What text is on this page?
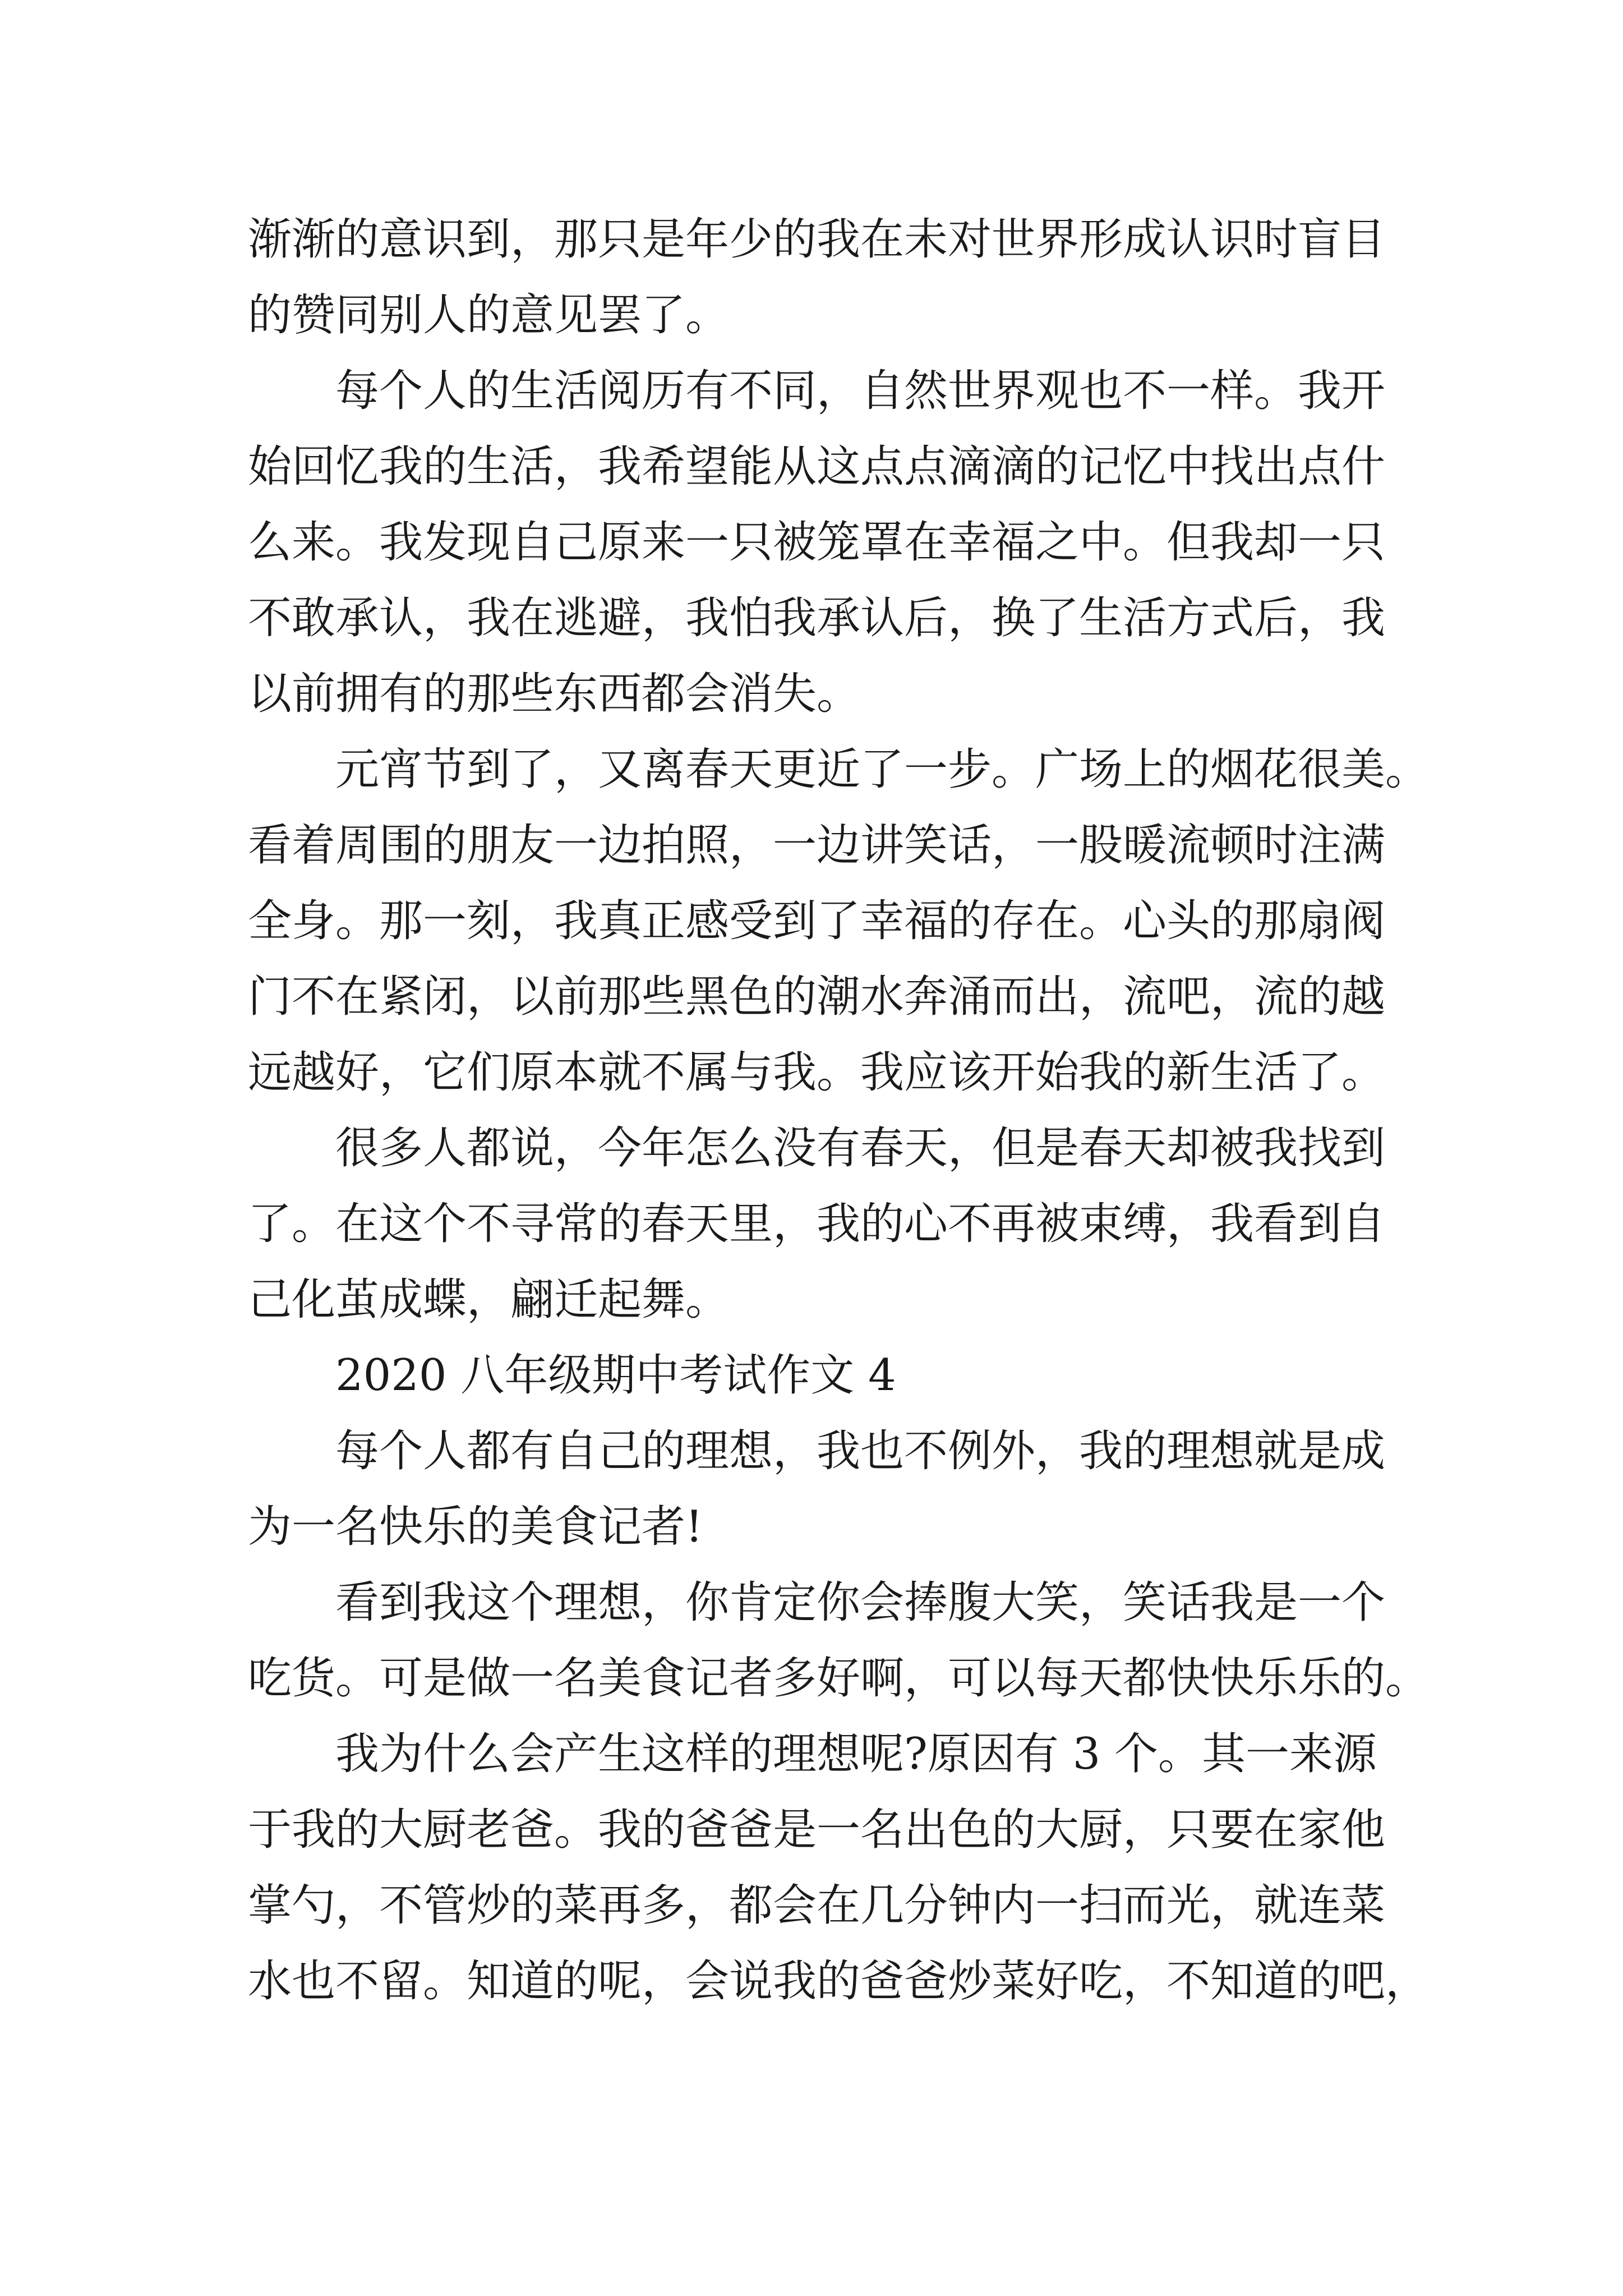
渐渐的意识到，那只是年少的我在未对世界形成认识时盲目
的赞同别人的意见罢了。
每个人的生活阅历有不同，自然世界观也不一样。我开
始回忆我的生活，我希望能从这点点滴滴的记忆中找出点什
么来。我发现自己原来一只被笼罩在幸福之中。但我却一只
不敢承认，我在逃避，我怕我承认后，换了生活方式后，我
以前拥有的那些东西都会消失。
元宵节到了，又离春天更近了一步。广场上的烟花很美。
看着周围的朋友一边拍照，一边讲笑话，一股暖流顿时注满
全身。那一刻，我真正感受到了幸福的存在。心头的那扇阀
门不在紧闭，以前那些黑色的潮水奔涌而出，流吧，流的越
远越好，它们原本就不属与我。我应该开始我的新生活了。
很多人都说，今年怎么没有春天，但是春天却被我找到
了。在这个不寻常的春天里，我的心不再被束缚，我看到自
己化茧成蝶，翩迁起舞。
2020 八年级期中考试作文 4
每个人都有自己的理想，我也不例外，我的理想就是成
为一名快乐的美食记者!
看到我这个理想，你肯定你会捧腹大笑，笑话我是一个
吃货。可是做一名美食记者多好啊，可以每天都快快乐乐的。
我为什么会产生这样的理想呢?原因有 3 个。其一来源
于我的大厨老爸。我的爸爸是一名出色的大厨，只要在家他
掌勺，不管炒的菜再多，都会在几分钟内一扫而光，就连菜
水也不留。知道的呢，会说我的爸爸炒菜好吃，不知道的吧，
